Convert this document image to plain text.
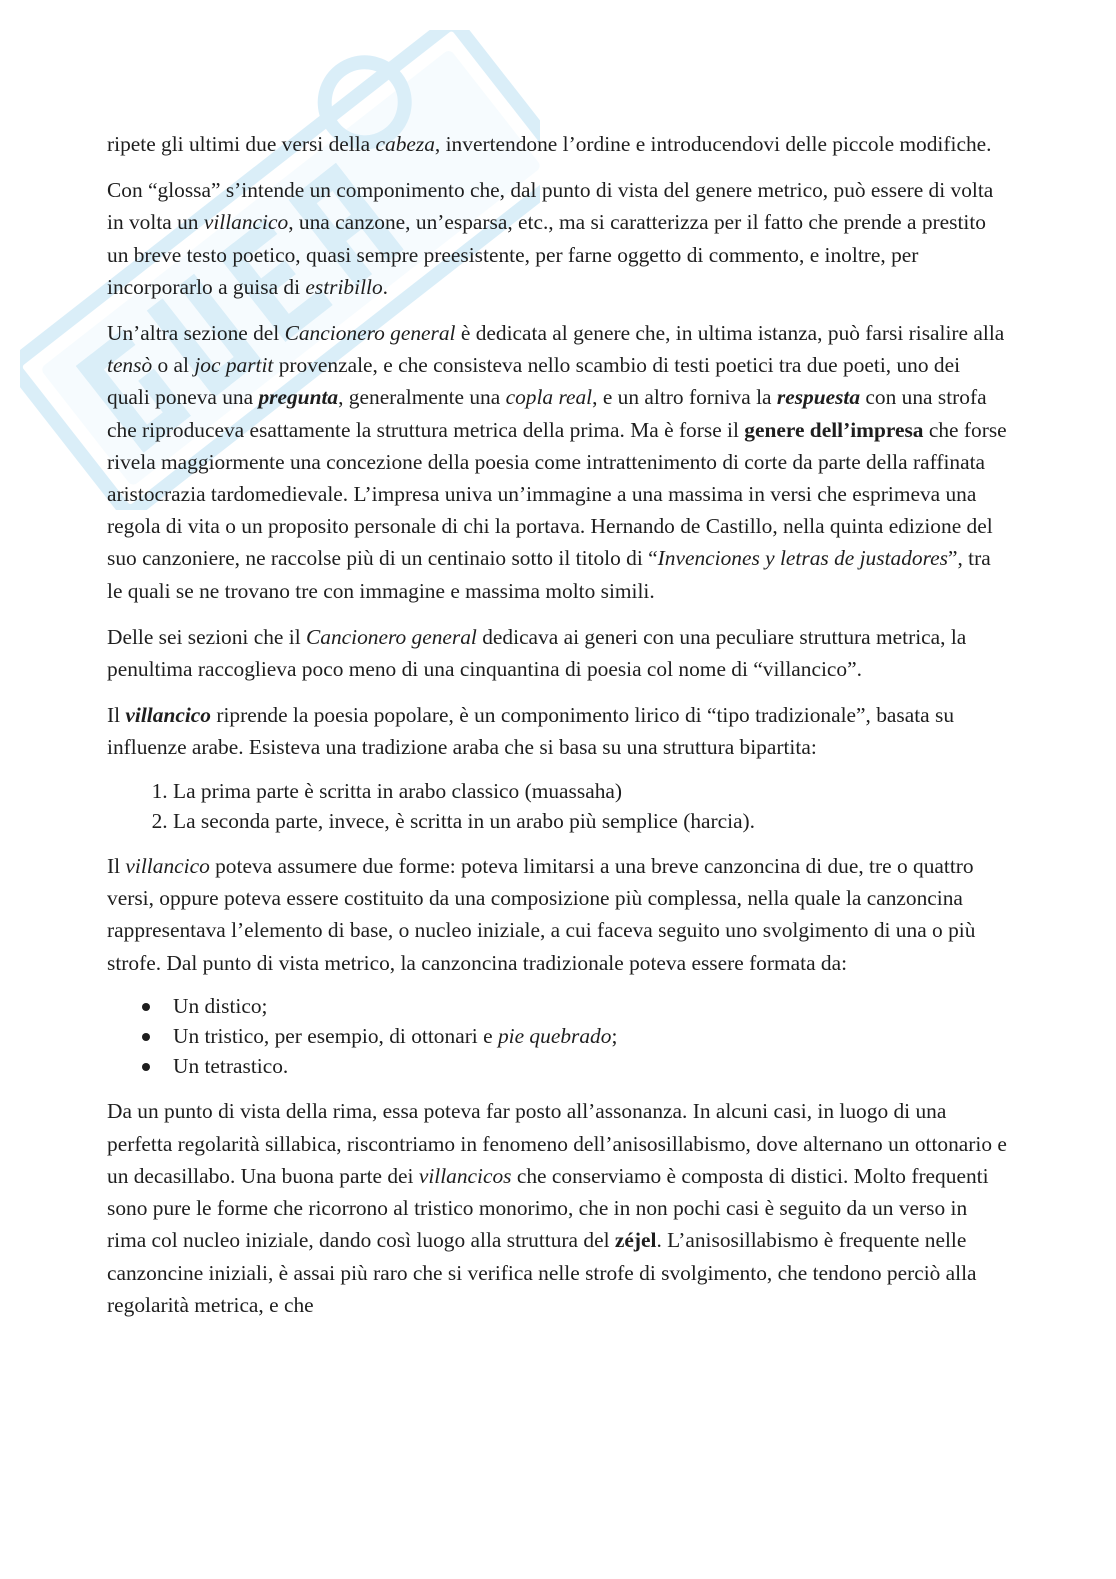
ripete gli ultimi due versi della cabeza, invertendone l’ordine e introducendovi delle piccole modifiche.

Con “glossa” s’intende un componimento che, dal punto di vista del genere metrico, può essere di volta in volta un villancico, una canzone, un’esparsa, etc., ma si caratterizza per il fatto che prende a prestito un breve testo poetico, quasi sempre preesistente, per farne oggetto di commento, e inoltre, per incorporarlo a guisa di estribillo.

Un’altra sezione del Cancionero general è dedicata al genere che, in ultima istanza, può farsi risalire alla tensò o al joc partit provenzale, e che consisteva nello scambio di testi poetici tra due poeti, uno dei quali poneva una pregunta, generalmente una copla real, e un altro forniva la respuesta con una strofa che riproduceva esattamente la struttura metrica della prima. Ma è forse il genere dell’impresa che forse rivela maggiormente una concezione della poesia come intrattenimento di corte da parte della raffinata aristocrazia tardomedievale. L’impresa univa un’immagine a una massima in versi che esprimeva una regola di vita o un proposito personale di chi la portava. Hernando de Castillo, nella quinta edizione del suo canzoniere, ne raccolse più di un centinaio sotto il titolo di “Invenciones y letras de justadores”, tra le quali se ne trovano tre con immagine e massima molto simili.

Delle sei sezioni che il Cancionero general dedicava ai generi con una peculiare struttura metrica, la penultima raccoglieva poco meno di una cinquantina di poesia col nome di “villancico”.

Il villancico riprende la poesia popolare, è un componimento lirico di “tipo tradizionale”, basata su influenze arabe. Esisteva una tradizione araba che si basa su una struttura bipartita:

1. La prima parte è scritta in arabo classico (muassaha)
2. La seconda parte, invece, è scritta in un arabo più semplice (harcia).

Il villancico poteva assumere due forme: poteva limitarsi a una breve canzoncina di due, tre o quattro versi, oppure poteva essere costituito da una composizione più complessa, nella quale la canzoncina rappresentava l’elemento di base, o nucleo iniziale, a cui faceva seguito uno svolgimento di una o più strofe. Dal punto di vista metrico, la canzoncina tradizionale poteva essere formata da:

Un distico;
Un tristico, per esempio, di ottonari e pie quebrado;
Un tetrastico.

Da un punto di vista della rima, essa poteva far posto all’assonanza. In alcuni casi, in luogo di una perfetta regolarità sillabica, riscontriamo in fenomeno dell’anisosillabismo, dove alternano un ottonario e un decasillabo. Una buona parte dei villancicos che conserviamo è composta di distici. Molto frequenti sono pure le forme che ricorrono al tristico monorimo, che in non pochi casi è seguito da un verso in rima col nucleo iniziale, dando così luogo alla struttura del zéjel. L’anisosillabismo è frequente nelle canzoncine iniziali, è assai più raro che si verifica nelle strofe di svolgimento, che tendono perciò alla regolarità metrica, e che
